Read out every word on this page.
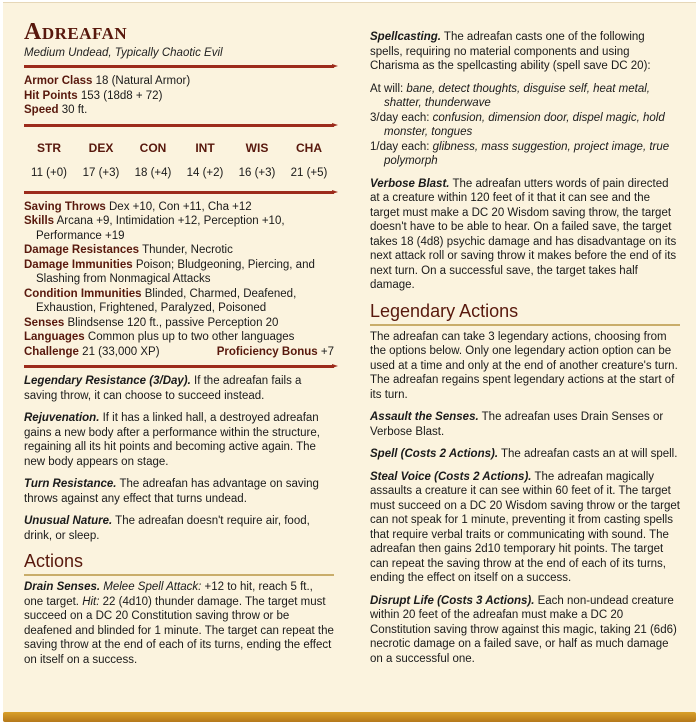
Adreafan
Medium Undead, Typically Chaotic Evil
Armor Class 18 (Natural Armor)
Hit Points 153 (18d8 + 72)
Speed 30 ft.
STR
11 (+0)
DEX
17 (+3)
CON
18 (+4)
INT
14 (+2)
WIS
16 (+3)
CHA
21 (+5)
Saving Throws Dex +10, Con +11, Cha +12
Skills Arcana +9, Intimidation +12, Perception +10, Performance +19
Damage Resistances Thunder, Necrotic
Damage Immunities Poison; Bludgeoning, Piercing, and Slashing from Nonmagical Attacks
Condition Immunities Blinded, Charmed, Deafened, Exhaustion, Frightened, Paralyzed, Poisoned
Senses Blindsense 120 ft., passive Perception 20
Languages Common plus up to two other languages
Challenge 21 (33,000 XP)	Proficiency Bonus +7

Legendary Resistance (3/Day). If the adreafan fails a saving throw, it can choose to succeed instead.

Rejuvenation. If it has a linked hall, a destroyed adreafan gains a new body after a performance within the structure, regaining all its hit points and becoming active again. The new body appears on stage.

Turn Resistance. The adreafan has advantage on saving throws against any effect that turns undead.

Unusual Nature. The adreafan doesn't require air, food, drink, or sleep.

Actions

Drain Senses. Melee Spell Attack: +12 to hit, reach 5 ft., one target. Hit: 22 (4d10) thunder damage. The target must succeed on a DC 20 Constitution saving throw or be deafened and blinded for 1 minute. The target can repeat the saving throw at the end of each of its turns, ending the effect on itself on a success.

Spellcasting. The adreafan casts one of the following spells, requiring no material components and using Charisma as the spellcasting ability (spell save DC 20):

At will: bane, detect thoughts, disguise self, heat metal, shatter, thunderwave
3/day each: confusion, dimension door, dispel magic, hold monster, tongues
1/day each: glibness, mass suggestion, project image, true polymorph

Verbose Blast. The adreafan utters words of pain directed at a creature within 120 feet of it that it can see and the target must make a DC 20 Wisdom saving throw, the target doesn't have to be able to hear. On a failed save, the target takes 18 (4d8) psychic damage and has disadvantage on its next attack roll or saving throw it makes before the end of its next turn. On a successful save, the target takes half damage.

Legendary Actions

The adreafan can take 3 legendary actions, choosing from the options below. Only one legendary action option can be used at a time and only at the end of another creature's turn. The adreafan regains spent legendary actions at the start of its turn.

Assault the Senses. The adreafan uses Drain Senses or Verbose Blast.

Spell (Costs 2 Actions). The adreafan casts an at will spell.

Steal Voice (Costs 2 Actions). The adreafan magically assaults a creature it can see within 60 feet of it. The target must succeed on a DC 20 Wisdom saving throw or the target can not speak for 1 minute, preventing it from casting spells that require verbal traits or communicating with sound. The adreafan then gains 2d10 temporary hit points. The target can repeat the saving throw at the end of each of its turns, ending the effect on itself on a success.

Disrupt Life (Costs 3 Actions). Each non-undead creature within 20 feet of the adreafan must make a DC 20 Constitution saving throw against this magic, taking 21 (6d6) necrotic damage on a failed save, or half as much damage on a successful one.
